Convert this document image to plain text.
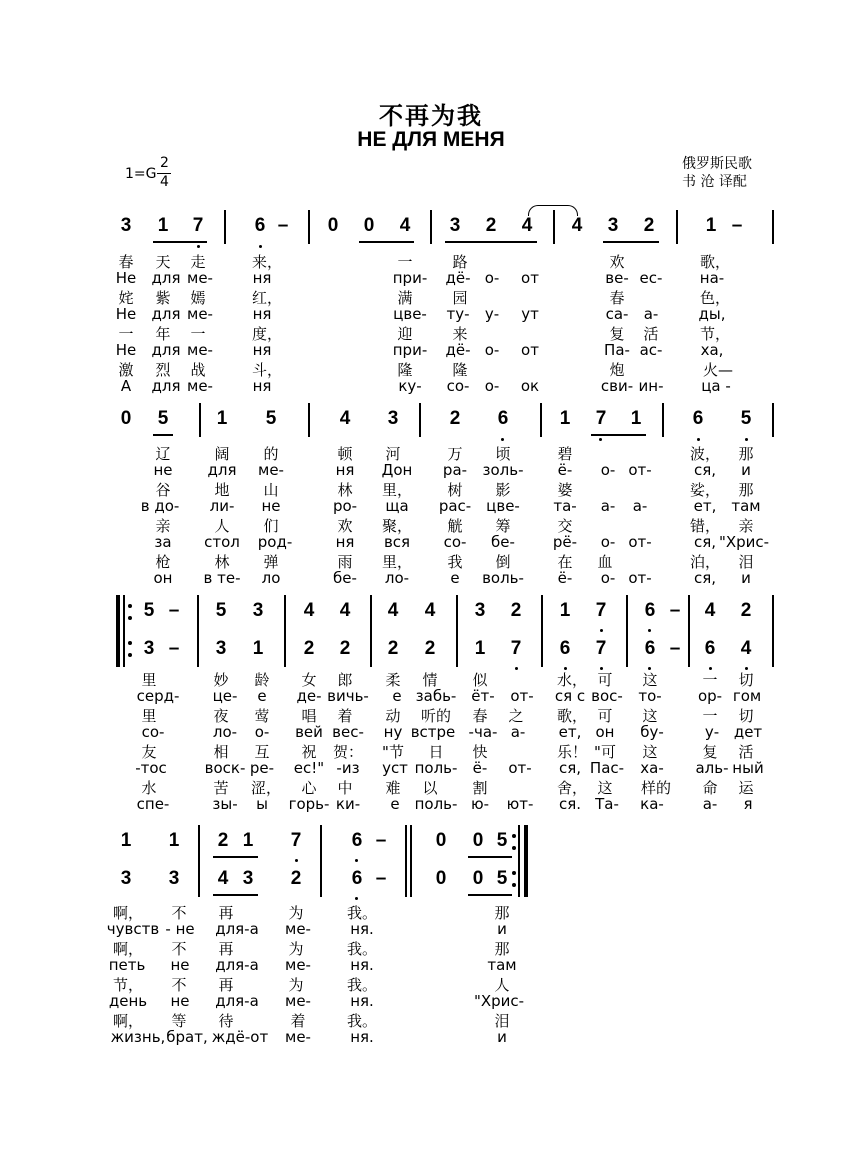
不再为我
НЕ ДЛЯ МЕНЯ
1=G
2
4
俄罗斯民歌
书 沧 译配
3 1 7	6 – 0 0 4 3 2 4 4 3 2	1 –
春 天 走	来，	一	路	欢	歌，
Не для ме-	ня	при- дё- о- от	ве- ес- на-
姹 紫 嫣	红，	满	园	春	色，
Не для ме-	ня	цве- ту- у- ут	са- а-	ды,
一 年 一	度，	迎	来	复 活	节，
Не для ме-	ня	при- дё- о- от	Па- ас-	ха,
激 烈 战	斗，	隆	隆	炮	火—
А для ме-	ня	ку- со- о- ок	сви- ин-	ца -
0 5	1 5	4 3	2 6	1 7 1	6 5
辽	阔 的	顿 河	万 顷	碧	波， 那
не для ме-	ня Дон ра- золь- ё- о- от-	ся, и
谷	地 山	林 里， 树 影	婆	娑， 那
в до- ли- не	ро- ща рас- цве- та- а- а-	ет, там
亲	人 们	欢 聚， 觥 筹	交	错， 亲
за стол род-	ня вся со- бе-	рё- о- от-	ся, "Хрис-
枪	林 弹	雨 里， 我 倒	在 血	泊， 泪
он в те- ло	бе- ло-	е воль- ё- о- от-	ся, и
5 – 5 3 4 4 4 4 3 2 1 7 6 – 4 2
3 – 3 1 2 2 2 2 1 7 6 7 6 – 6 4
里	妙 龄 女 郎 柔 情 似	水， 可 这	一 切
серд- це- е де- вичь- е забь- ёт- от- ся с вос- то- ор- гом
里	夜 莺 唱 着 动 听的 春 之 歌， 可 这	一 切
со-	ло- о- вей вес- ну встре -ча- а- ет, он бу-	у- дет
友	相 互 祝 贺： "节 日 快	乐！ "可 这	复 活
-тос	воск- ре- ес!" -из уст поль- ё- от- ся, Пас- ха- аль- ный
水	苦 涩， 心 中 难 以 割	舍， 这 样的 命 运
спе-	зы- ы горь- ки- е поль- ю- ют- ся. Та- ка-	а- я
1 1 2 1 7	6 –	0 0 5
3 3 4 3 2	6 –	0 0 5
啊， 不 再	为	我。	那
чувств - не для-а ме-	ня.	и
啊， 不 再	为	我。	那
петь не для-а ме-	ня.	там
节， 不 再	为	我。	人
день не для-а ме-	ня.	"Хрис-
啊， 等 待	着	我。	泪
жизнь, брат, ждё-от ме-	ня.	и
